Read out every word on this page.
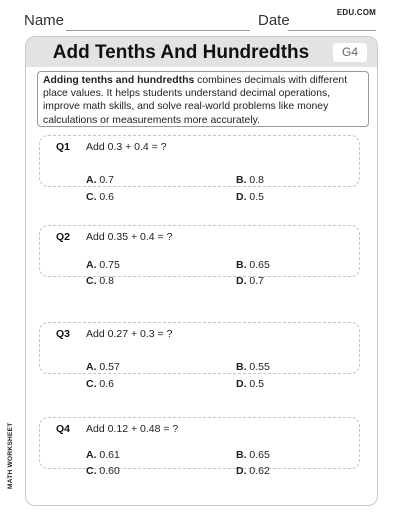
Name	Date	EDU.COM
Add Tenths And Hundredths	G4
Adding tenths and hundredths combines decimals with different place values. It helps students understand decimal operations, improve math skills, and solve real-world problems like money calculations or measurements more accurately.
Q1 Add 0.3 + 0.4 = ?
A. 0.7	B. 0.8
C. 0.6	D. 0.5
Q2 Add 0.35 + 0.4 = ?
A. 0.75	B. 0.65
C. 0.8	D. 0.7
Q3 Add 0.27 + 0.3 = ?
A. 0.57	B. 0.55
C. 0.6	D. 0.5
Q4 Add 0.12 + 0.48 = ?
A. 0.61	B. 0.65
C. 0.60	D. 0.62
MATH WORKSHEET
